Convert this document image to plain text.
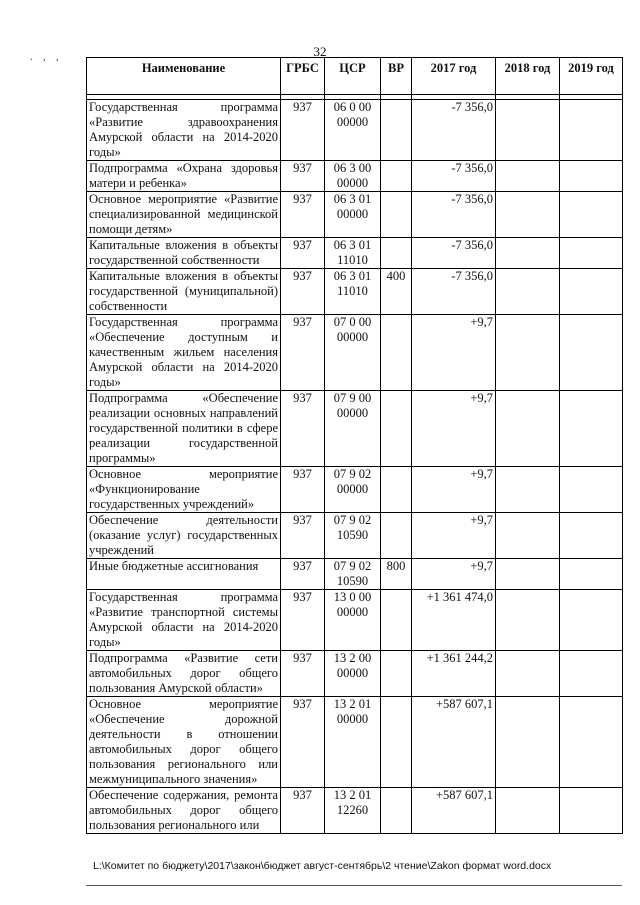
. , ,	32
Наименование	ГРБС	ЦСР	ВР	2017 год	2018 год	2019 год

Государственная программа «Развитие здравоохранения Амурской области на 2014-2020 годы»	937	06 0 00 00000		-7 356,0		
Подпрограмма «Охрана здоровья матери и ребенка»	937	06 3 00 00000		-7 356,0		
Основное мероприятие «Развитие специализированной медицинской помощи детям»	937	06 3 01 00000		-7 356,0		
Капитальные вложения в объекты государственной собственности	937	06 3 01 11010		-7 356,0		
Капитальные вложения в объекты государственной (муниципальной) собственности	937	06 3 01 11010	400	-7 356,0		
Государственная программа «Обеспечение доступным и качественным жильем населения Амурской области на 2014-2020 годы»	937	07 0 00 00000		+9,7		
Подпрограмма «Обеспечение реализации основных направлений государственной политики в сфере реализации государственной программы»	937	07 9 00 00000		+9,7		
Основное мероприятие «Функционирование государственных учреждений»	937	07 9 02 00000		+9,7		
Обеспечение деятельности (оказание услуг) государственных учреждений	937	07 9 02 10590		+9,7		
Иные бюджетные ассигнования	937	07 9 02 10590	800	+9,7		
Государственная программа «Развитие транспортной системы Амурской области на 2014-2020 годы»	937	13 0 00 00000		+1 361 474,0		
Подпрограмма «Развитие сети автомобильных дорог общего пользования Амурской области»	937	13 2 00 00000		+1 361 244,2		
Основное мероприятие «Обеспечение дорожной деятельности в отношении автомобильных дорог общего пользования регионального или межмуниципального значения»	937	13 2 01 00000		+587 607,1		
Обеспечение содержания, ремонта автомобильных дорог общего пользования регионального или	937	13 2 01 12260		+587 607,1		
L:\Комитет по бюджету\2017\закон\бюджет август-сентябрь\2 чтение\Zakon формат word.docx
